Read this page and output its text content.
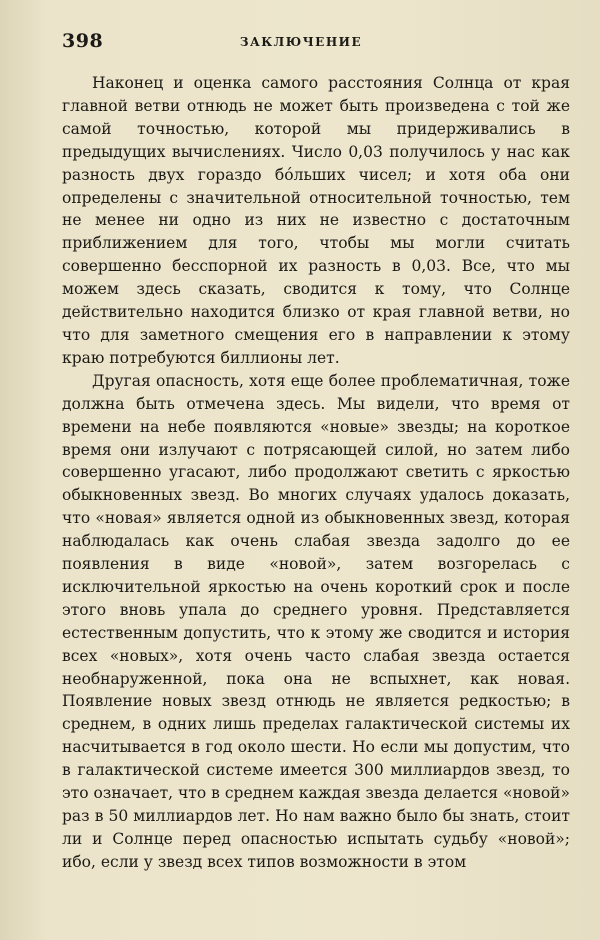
398	ЗАКЛЮЧЕНИЕ

Наконец и оценка самого расстояния Солнца от края главной ветви отнюдь не может быть произведена с той же самой точностью, которой мы придерживались в предыдущих вычислениях. Число 0,03 получилось у нас как разность двух гораздо бо́льших чисел; и хотя оба они определены с значительной относительной точностью, тем не менее ни одно из них не известно с достаточным приближением для того, чтобы мы могли считать совершенно бесспорной их разность в 0,03. Все, что мы можем здесь сказать, сводится к тому, что Солнце действительно находится близко от края главной ветви, но что для заметного смещения его в направлении к этому краю потребуются биллионы лет.

Другая опасность, хотя еще более проблематичная, тоже должна быть отмечена здесь. Мы видели, что время от времени на небе появляются «новые» звезды; на короткое время они излучают с потрясающей силой, но затем либо совершенно угасают, либо продолжают светить с яркостью обыкновенных звезд. Во многих случаях удалось доказать, что «новая» является одной из обыкновенных звезд, которая наблюдалась как очень слабая звезда задолго до ее появления в виде «новой», затем возгорелась с исключительной яркостью на очень короткий срок и после этого вновь упала до среднего уровня. Представляется естественным допустить, что к этому же сводится и история всех «новых», хотя очень часто слабая звезда остается необнаруженной, пока она не вспыхнет, как новая. Появление новых звезд отнюдь не является редкостью; в среднем, в одних лишь пределах галактической системы их насчитывается в год около шести. Но если мы допустим, что в галактической системе имеется 300 миллиардов звезд, то это означает, что в среднем каждая звезда делается «новой» раз в 50 миллиардов лет. Но нам важно было бы знать, стоит ли и Солнце перед опасностью испытать судьбу «новой»; ибо, если у звезд всех типов возможности в этом
